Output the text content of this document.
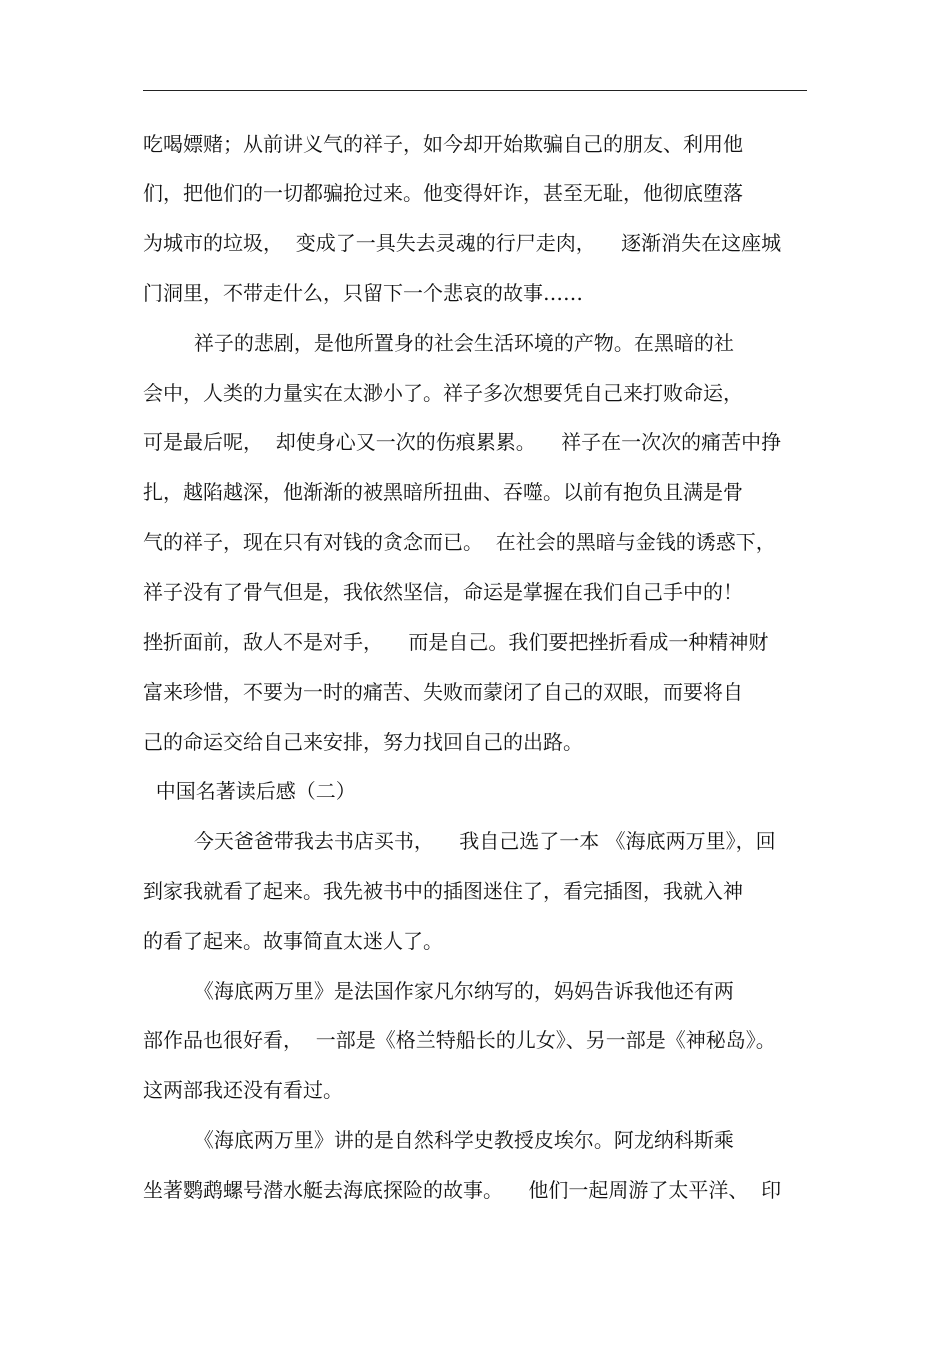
吃喝嫖赌；从前讲义气的祥子，如今却开始欺骗自己的朋友、利用他
们，把他们的一切都骗抢过来。他变得奸诈，甚至无耻，他彻底堕落
为城市的垃圾，  变成了一具失去灵魂的行尸走肉，    逐渐消失在这座城
门洞里，不带走什么，只留下一个悲哀的故事……
祥子的悲剧，是他所置身的社会生活环境的产物。在黑暗的社
会中，人类的力量实在太渺小了。祥子多次想要凭自己来打败命运，
可是最后呢，  却使身心又一次的伤痕累累。    祥子在一次次的痛苦中挣
扎，越陷越深，他渐渐的被黑暗所扭曲、吞噬。以前有抱负且满是骨
气的祥子，现在只有对钱的贪念而已。  在社会的黑暗与金钱的诱惑下，
祥子没有了骨气但是，我依然坚信，命运是掌握在我们自己手中的！
挫折面前，敌人不是对手，    而是自己。我们要把挫折看成一种精神财
富来珍惜，不要为一时的痛苦、失败而蒙闭了自己的双眼，而要将自
己的命运交给自己来安排，努力找回自己的出路。
中国名著读后感（二）
今天爸爸带我去书店买书，    我自己选了一本 《海底两万里》，回
到家我就看了起来。我先被书中的插图迷住了，看完插图，我就入神
的看了起来。故事简直太迷人了。
《海底两万里》是法国作家凡尔纳写的，妈妈告诉我他还有两
部作品也很好看，  一部是《格兰特船长的儿女》、另一部是《神秘岛》。
这两部我还没有看过。
《海底两万里》讲的是自然科学史教授皮埃尔。阿龙纳科斯乘
坐著鹦鹉螺号潜水艇去海底探险的故事。    他们一起周游了太平洋、  印
